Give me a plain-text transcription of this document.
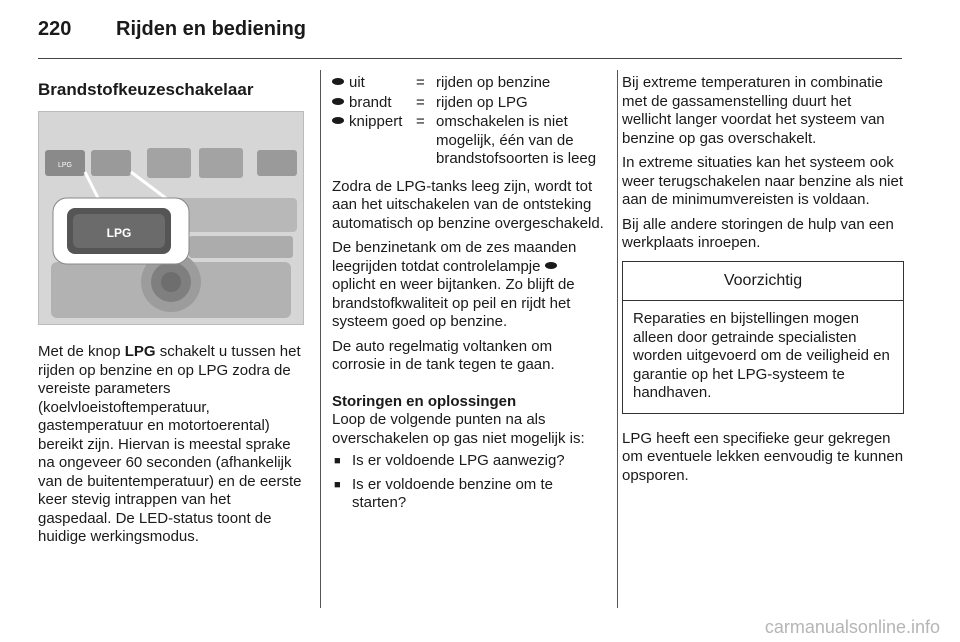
220 Rijden en bediening
Brandstofkeuzeschakelaar
LPG
LPG

Met de knop LPG schakelt u tussen het rijden op benzine en op LPG zodra de vereiste parameters (koelvloeistoftemperatuur, gastemperatuur en motortoerental) bereikt zijn. Hiervan is meestal sprake na ongeveer 60 seconden (afhankelijk van de buitentemperatuur) en de eerste keer stevig intrappen van het gaspedaal. De LED-status toont de huidige werkingsmodus.

uit	=	rijden op benzine
brandt	=	rijden op LPG
knippert	=	omschakelen is niet mogelijk, één van de brandstofsoorten is leeg

Zodra de LPG-tanks leeg zijn, wordt tot aan het uitschakelen van de ontsteking automatisch op benzine overgeschakeld.

De benzinetank om de zes maanden leegrijden totdat controlelampje  oplicht en weer bijtanken. Zo blijft de brandstofkwaliteit op peil en rijdt het systeem goed op benzine.

De auto regelmatig voltanken om corrosie in de tank tegen te gaan.

Storingen en oplossingen

Loop de volgende punten na als overschakelen op gas niet mogelijk is:

■ Is er voldoende LPG aanwezig?
■ Is er voldoende benzine om te starten?

Bij extreme temperaturen in combinatie met de gassamenstelling duurt het wellicht langer voordat het systeem van benzine op gas overschakelt.

In extreme situaties kan het systeem ook weer terugschakelen naar benzine als niet aan de minimumvereisten is voldaan.

Bij alle andere storingen de hulp van een werkplaats inroepen.

Voorzichtig
Reparaties en bijstellingen mogen alleen door getrainde specialisten worden uitgevoerd om de veiligheid en garantie op het LPG-systeem te handhaven.

LPG heeft een specifieke geur gekregen om eventuele lekken eenvoudig te kunnen opsporen.

carmanualsonline.info
